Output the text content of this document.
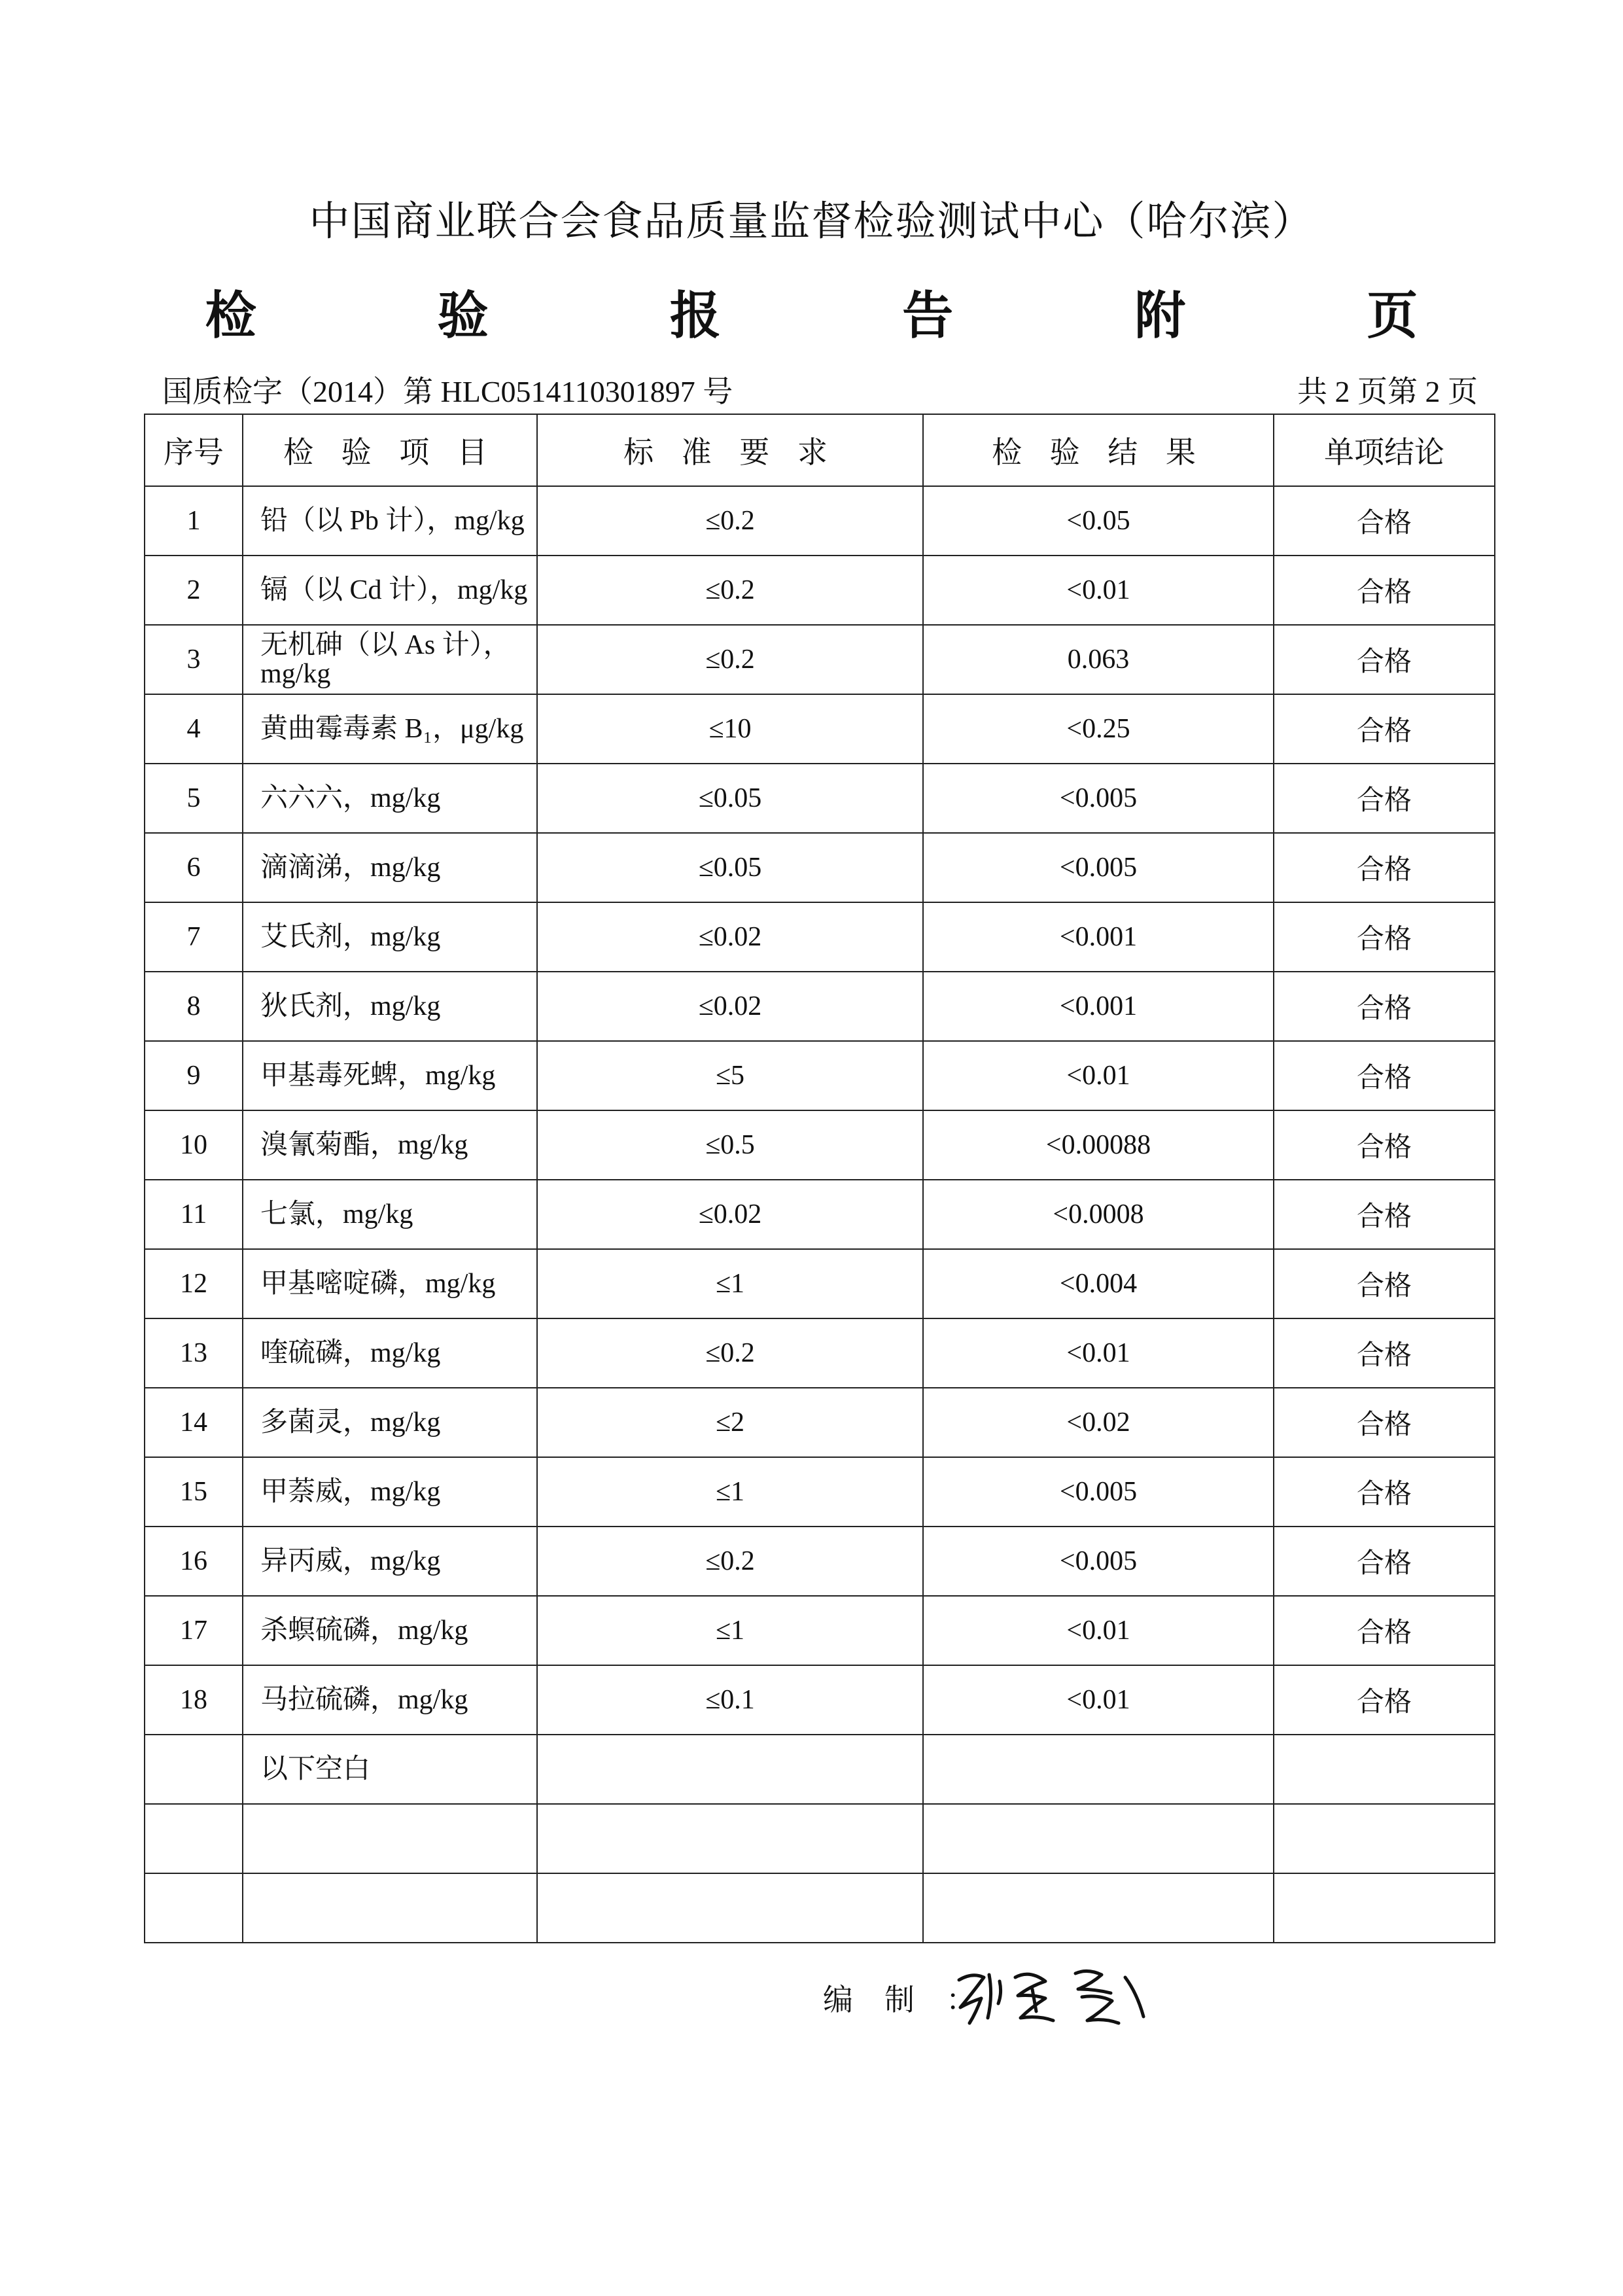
中国商业联合会食品质量监督检验测试中心（哈尔滨）
检 验 报 告 附 页
国质检字（2014）第 HLC0514110301897 号	共 2 页第 2 页
序号	检 验 项 目	标 准 要 求	检 验 结 果	单项结论
1	铅（以 Pb 计），mg/kg	≤0.2	<0.05	合格
2	镉（以 Cd 计），mg/kg	≤0.2	<0.01	合格
3	无机砷（以 As 计），mg/kg	≤0.2	0.063	合格
4	黄曲霉毒素 B₁，μg/kg	≤10	<0.25	合格
5	六六六，mg/kg	≤0.05	<0.005	合格
6	滴滴涕，mg/kg	≤0.05	<0.005	合格
7	艾氏剂，mg/kg	≤0.02	<0.001	合格
8	狄氏剂，mg/kg	≤0.02	<0.001	合格
9	甲基毒死蜱，mg/kg	≤5	<0.01	合格
10	溴氰菊酯，mg/kg	≤0.5	<0.00088	合格
11	七氯，mg/kg	≤0.02	<0.0008	合格
12	甲基嘧啶磷，mg/kg	≤1	<0.004	合格
13	喹硫磷，mg/kg	≤0.2	<0.01	合格
14	多菌灵，mg/kg	≤2	<0.02	合格
15	甲萘威，mg/kg	≤1	<0.005	合格
16	异丙威，mg/kg	≤0.2	<0.005	合格
17	杀螟硫磷，mg/kg	≤1	<0.01	合格
18	马拉硫磷，mg/kg	≤0.1	<0.01	合格
	以下空白			

编制：
